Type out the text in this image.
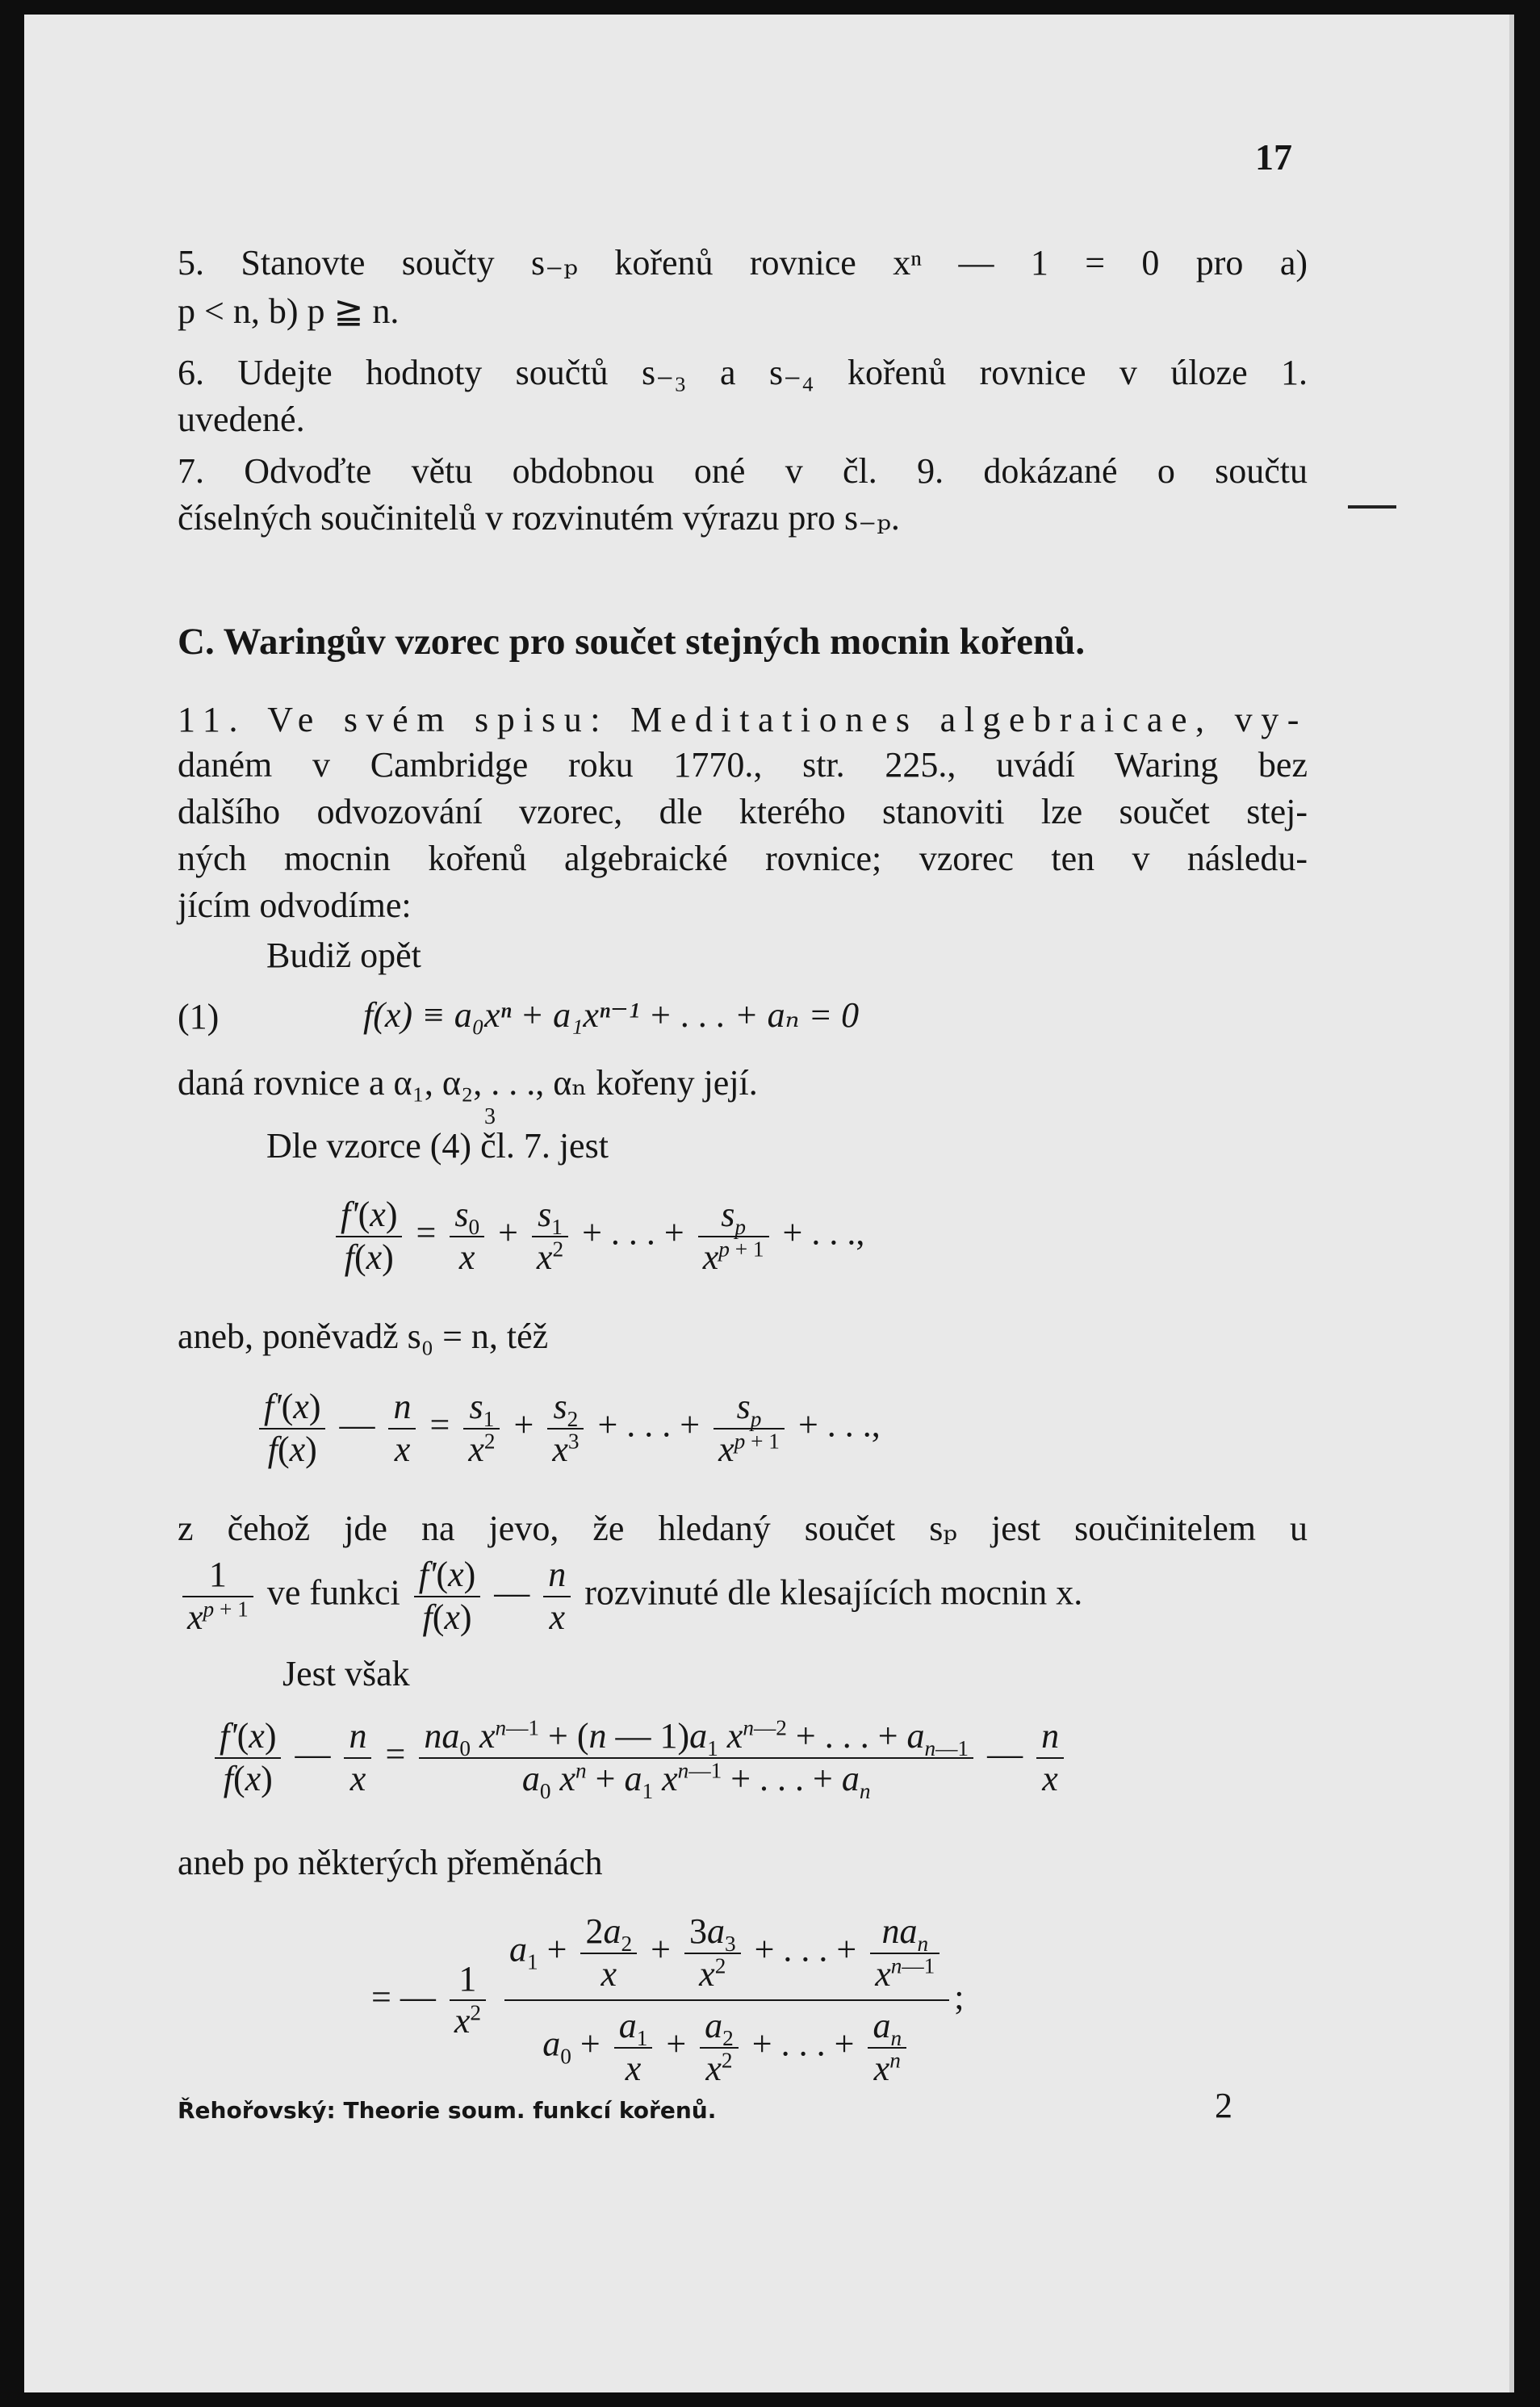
17
5. Stanovte součty s₋ₚ kořenů rovnice xⁿ — 1 = 0 pro a)
p < n, b) p ≧ n.
6. Udejte hodnoty součtů s₋₃ a s₋₄ kořenů rovnice v úloze 1.
uvedené.
7. Odvoďte větu obdobnou oné v čl. 9. dokázané o součtu
číselných součinitelů v rozvinutém výrazu pro s₋ₚ.
C. Waringův vzorec pro součet stejných mocnin kořenů.
11. Ve svém spisu: Meditationes algebraicae, vy-
daném v Cambridge roku 1770., str. 225., uvádí Waring bez
dalšího odvozování vzorec, dle kterého stanoviti lze součet stej-
ných mocnin kořenů algebraické rovnice; vzorec ten v následu-
jícím odvodíme:
Budiž opět
(1)	f(x) ≡ a₀xⁿ + a₁xⁿ⁻¹ + . . . + aₙ = 0
daná rovnice a α₁, α₂, . . ., αₙ kořeny její.
3
Dle vzorce (4) čl. 7. jest
$\frac{f'(x)}{f(x)} = \frac{s_0}{x} + \frac{s_1}{x^2}$ + . . . + $\frac{s_p}{x^{p + 1}}$ + . . .,
aneb, poněvadž s₀ = n, též
$\frac{f'(x)}{f(x)}$ — $\frac{n}{x} = \frac{s_1}{x^2} + \frac{s_2}{x^3}$ + . . . + $\frac{s_p}{x^{p + 1}}$ + . . .,
z čehož jde na jevo, že hledaný součet sₚ jest součinitelem u
$\frac{1}{x^{p + 1}}$ ve funkci $\frac{f'(x)}{f(x)}$ — $\frac{n}{x}$ rozvinuté dle klesajících mocnin x.
Jest však
$\frac{f'(x)}{f(x)}$ — $\frac{n}{x} = \frac{na_0 x^{n—1} + (n — 1)a_1 x^{n—2} + . . . + a_{n—1}}{a_0 x^n + a_1 x^{n—1} + . . . + a_n}$ — $\frac{n}{x}$
aneb po některých přeměnách
= — $\frac{1}{x^2}$
$\frac{a_1 + \frac{2a_2}{x} + \frac{3a_3}{x^2} + . . . + \frac{na_n}{x^{n—1}}}{a_0 + \frac{a_1}{x} + \frac{a_2}{x^2} + . . . + \frac{a_n}{x^n}}$ ;
Řehořovský: Theorie soum. funkcí kořenů.	2
